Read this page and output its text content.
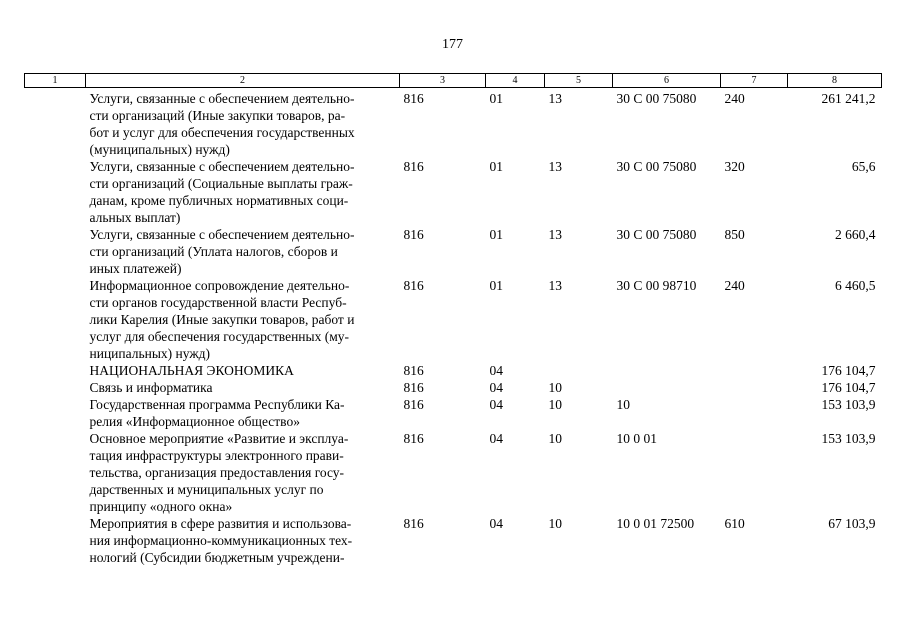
177
1	2	3	4	5	6	7	8

	Услуги, связанные с обеспечением деятельно-
сти организаций (Иные закупки товаров, ра-
бот и услуг для обеспечения государственных
(муниципальных) нужд)	816	01	13	30 С 00 75080	240	261 241,2

	Услуги, связанные с обеспечением деятельно-
сти организаций (Социальные выплаты граж-
данам, кроме публичных нормативных соци-
альных выплат)	816	01	13	30 С 00 75080	320	65,6

	Услуги, связанные с обеспечением деятельно-
сти организаций (Уплата налогов, сборов и
иных платежей)	816	01	13	30 С 00 75080	850	2 660,4

	Информационное сопровождение деятельно-
сти органов государственной власти Респуб-
лики Карелия (Иные закупки товаров, работ и
услуг для обеспечения государственных (му-
ниципальных) нужд)	816	01	13	30 С 00 98710	240	6 460,5

	НАЦИОНАЛЬНАЯ ЭКОНОМИКА	816	04				176 104,7

	Связь и информатика	816	04	10			176 104,7

	Государственная программа Республики Ка-
релия «Информационное общество»	816	04	10	10		153 103,9

	Основное мероприятие «Развитие и эксплуа-
тация инфраструктуры электронного прави-
тельства, организация предоставления госу-
дарственных и муниципальных услуг по
принципу «одного окна»	816	04	10	10 0 01		153 103,9

	Мероприятия в сфере развития и использова-
ния информационно-коммуникационных тех-
нологий (Субсидии бюджетным учреждени-	816	04	10	10 0 01 72500	610	67 103,9
